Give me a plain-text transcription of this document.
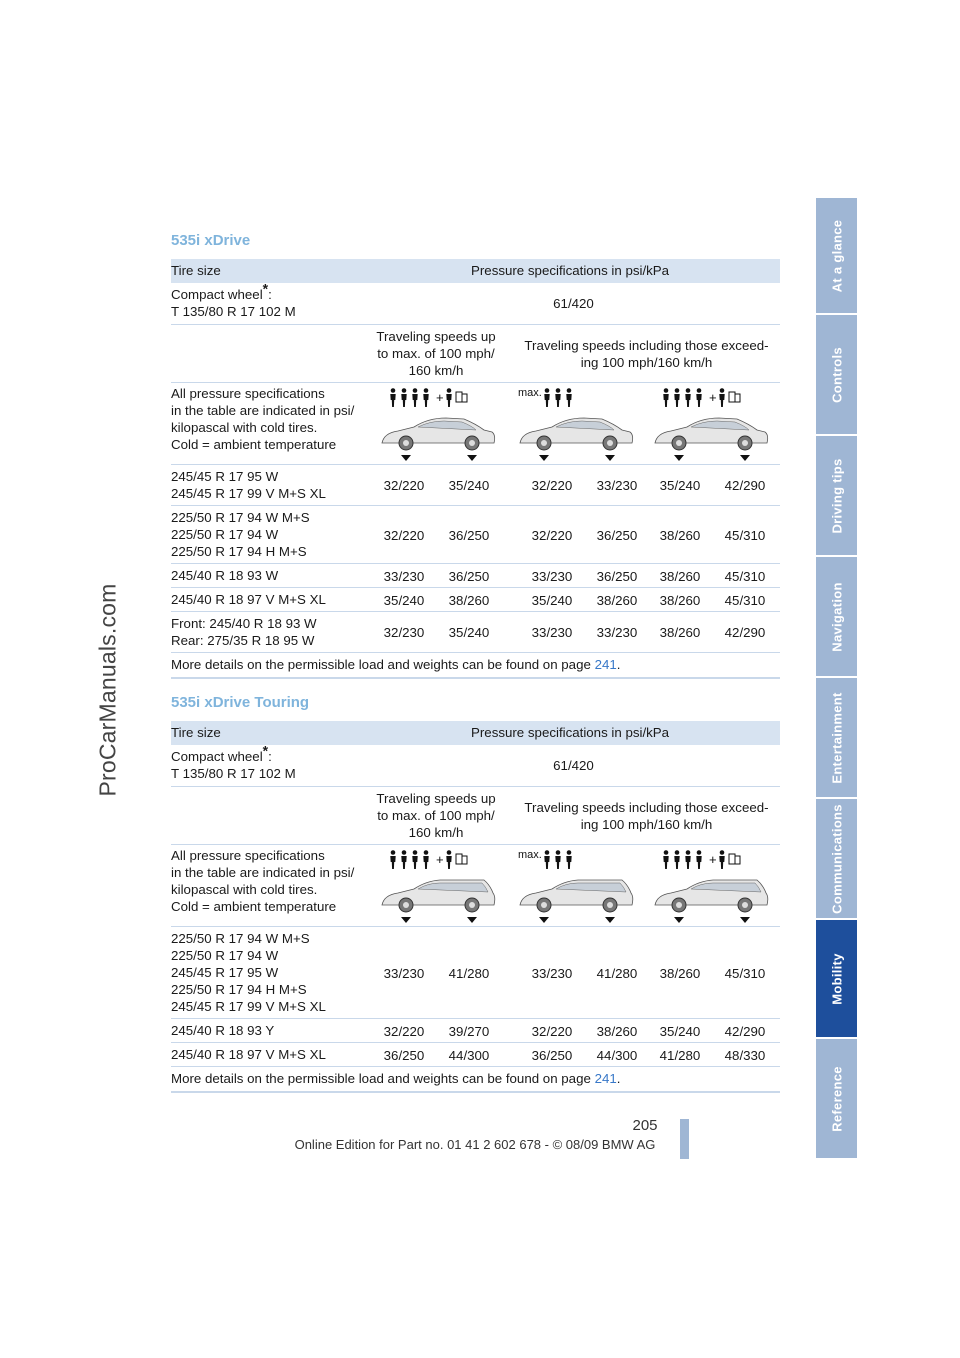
ProCarManuals.com
At a glance
Controls
Driving tips
Navigation
Entertainment
Communications
Mobility
Reference
535i xDrive
Tire size	Pressure specifications in psi/kPa
Compact wheel*:
T 135/80 R 17 102 M
61/420
Traveling speeds up
to max. of 100 mph/
160 km/h
Traveling speeds including those exceed-
ing 100 mph/160 km/h
All pressure specifications
in the table are indicated in psi/
kilopascal with cold tires.
Cold = ambient temperature
+	max.	+
245/45 R 17 95 W
245/45 R 17 99 V M+S XL
32/220	35/240	32/220	33/230	35/240	42/290
225/50 R 17 94 W M+S
225/50 R 17 94 W
225/50 R 17 94 H M+S
32/220	36/250	32/220	36/250	38/260	45/310
245/40 R 18 93 W	33/230	36/250	33/230	36/250	38/260	45/310
245/40 R 18 97 V M+S XL	35/240	38/260	35/240	38/260	38/260	45/310
Front: 245/40 R 18 93 W
Rear: 275/35 R 18 95 W
32/230	35/240	33/230	33/230	38/260	42/290
More details on the permissible load and weights can be found on page 241.
535i xDrive Touring
Tire size	Pressure specifications in psi/kPa
Compact wheel*:
T 135/80 R 17 102 M
61/420
Traveling speeds up
to max. of 100 mph/
160 km/h
Traveling speeds including those exceed-
ing 100 mph/160 km/h
All pressure specifications
in the table are indicated in psi/
kilopascal with cold tires.
Cold = ambient temperature
+	max.	+
225/50 R 17 94 W M+S
225/50 R 17 94 W
245/45 R 17 95 W
225/50 R 17 94 H M+S
245/45 R 17 99 V M+S XL
33/230	41/280	33/230	41/280	38/260	45/310
245/40 R 18 93 Y	32/220	39/270	32/220	38/260	35/240	42/290
245/40 R 18 97 V M+S XL	36/250	44/300	36/250	44/300	41/280	48/330
More details on the permissible load and weights can be found on page 241.
205
Online Edition for Part no. 01 41 2 602 678 - © 08/09 BMW AG
